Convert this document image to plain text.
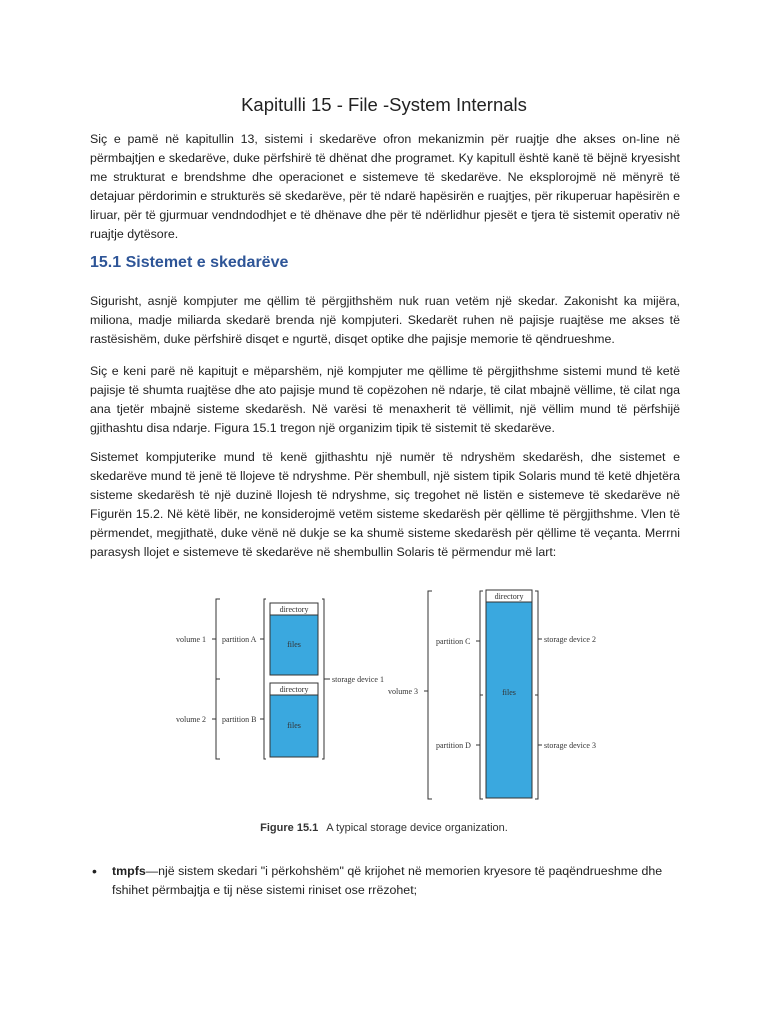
Kapitulli 15 - File -System Internals

Siç e pamë në kapitullin 13, sistemi i skedarëve ofron mekanizmin për ruajtje dhe akses on-line në përmbajtjen e skedarëve, duke përfshirë të dhënat dhe programet. Ky kapitull është kanë të bëjnë kryesisht me strukturat e brendshme dhe operacionet e sistemeve të skedarëve. Ne eksplorojmë në mënyrë të detajuar përdorimin e strukturës së skedarëve, për të ndarë hapësirën e ruajtjes, për rikuperuar hapësirën e liruar, për të gjurmuar vendndodhjet e të dhënave dhe për të ndërlidhur pjesët e tjera të sistemit operativ në ruajtje dytësore.

15.1 Sistemet e skedarëve

Sigurisht, asnjë kompjuter me qëllim të përgjithshëm nuk ruan vetëm një skedar. Zakonisht ka mijëra, miliona, madje miliarda skedarë brenda një kompjuteri. Skedarët ruhen në pajisje ruajtëse me akses të rastësishëm, duke përfshirë disqet e ngurtë, disqet optike dhe pajisje memorie të qëndrueshme.

Siç e keni parë në kapitujt e mëparshëm, një kompjuter me qëllime të përgjithshme sistemi mund të ketë pajisje të shumta ruajtëse dhe ato pajisje mund të copëzohen në ndarje, të cilat mbajnë vëllime, të cilat nga ana tjetër mbajnë sisteme skedarësh. Në varësi të menaxherit të vëllimit, një vëllim mund të përfshijë gjithashtu disa ndarje. Figura 15.1 tregon një organizim tipik të sistemit të skedarëve.

Sistemet kompjuterike mund të kenë gjithashtu një numër të ndryshëm skedarësh, dhe sistemet e skedarëve mund të jenë të llojeve të ndryshme. Për shembull, një sistem tipik Solaris mund të ketë dhjetëra sisteme skedarësh të një duzinë llojesh të ndryshme, siç tregohet në listën e sistemeve të skedarëve në Figurën 15.2. Në këtë libër, ne konsiderojmë vetëm sisteme skedarësh për qëllime të përgjithshme. Vlen të përmendet, megjithatë, duke vënë në dukje se ka shumë sisteme skedarësh për qëllime të veçanta. Merrni parasysh llojet e sistemeve të skedarëve në shembullin Solaris të përmendur më lart:

volume 1 partition A
volume 2 partition B
directory
files
directory
files
storage device 1
volume 3
partition C
partition D
directory
files
storage device 2
storage device 3
Figure 15.1 A typical storage device organization.
• tmpfs—një sistem skedari "i përkohshëm" që krijohet në memorien kryesore të paqëndrueshme dhe fshihet përmbajtja e tij nëse sistemi riniset ose rrëzohet;
